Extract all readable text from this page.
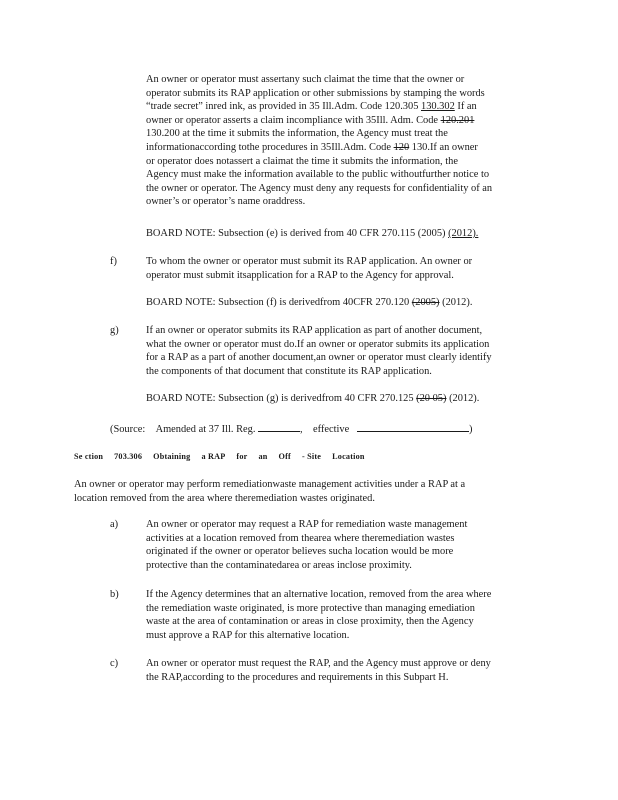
An owner or operator must assertany such claimat the time that the owner or
operator submits its RAP application or other submissions by stamping the words
“trade secret” inred ink, as provided in 35 Ill.Adm. Code 120.305 130.302 If an
owner or operator asserts a claim incompliance with 35Ill. Adm. Code 120.201
130.200 at the time it submits the information, the Agency must treat the
informationaccording tothe procedures in 35Ill.Adm. Code 120 130.If an owner
or operator does notassert a claimat the time it submits the information, the
Agency must make the information available to the public withoutfurther notice to
the owner or operator. The Agency must deny any requests for confidentiality of an
owner’s or operator’s name oraddress.
BOARD NOTE: Subsection (e) is derived from 40 CFR 270.115 (2005) (2012).
f)	To whom the owner or operator must submit its RAP application. An owner or
operator must submit itsapplication for a RAP to the Agency for approval.
BOARD NOTE: Subsection (f) is derivedfrom 40CFR 270.120 (2005) (2012).
g)	If an owner or operator submits its RAP application as part of another document,
what the owner or operator must do.If an owner or operator submits its application
for a RAP as a part of another document,an owner or operator must clearly identify
the components of that document that constitute its RAP application.
BOARD NOTE: Subsection (g) is derivedfrom 40 CFR 270.125 (20 05) (2012).
(Source: Amended at 37 Ill. Reg.	, effective	)
Se ction 703.306 Obtaining a RAP for an Off - Site Location
An owner or operator may perform remediationwaste management activities under a RAP at a
location removed from the area where theremediation wastes originated.
a)	An owner or operator may request a RAP for remediation waste management
activities at a location removed from thearea where theremediation wastes
originated if the owner or operator believes sucha location would be more
protective than the contaminatedarea or areas inclose proximity.
b)	If the Agency determines that an alternative location, removed from the area where
the remediation waste originated, is more protective than managing emediation
waste at the area of contamination or areas in close proximity, then the Agency
must approve a RAP for this alternative location.
c)	An owner or operator must request the RAP, and the Agency must approve or deny
the RAP,according to the procedures and requirements in this Subpart H.
